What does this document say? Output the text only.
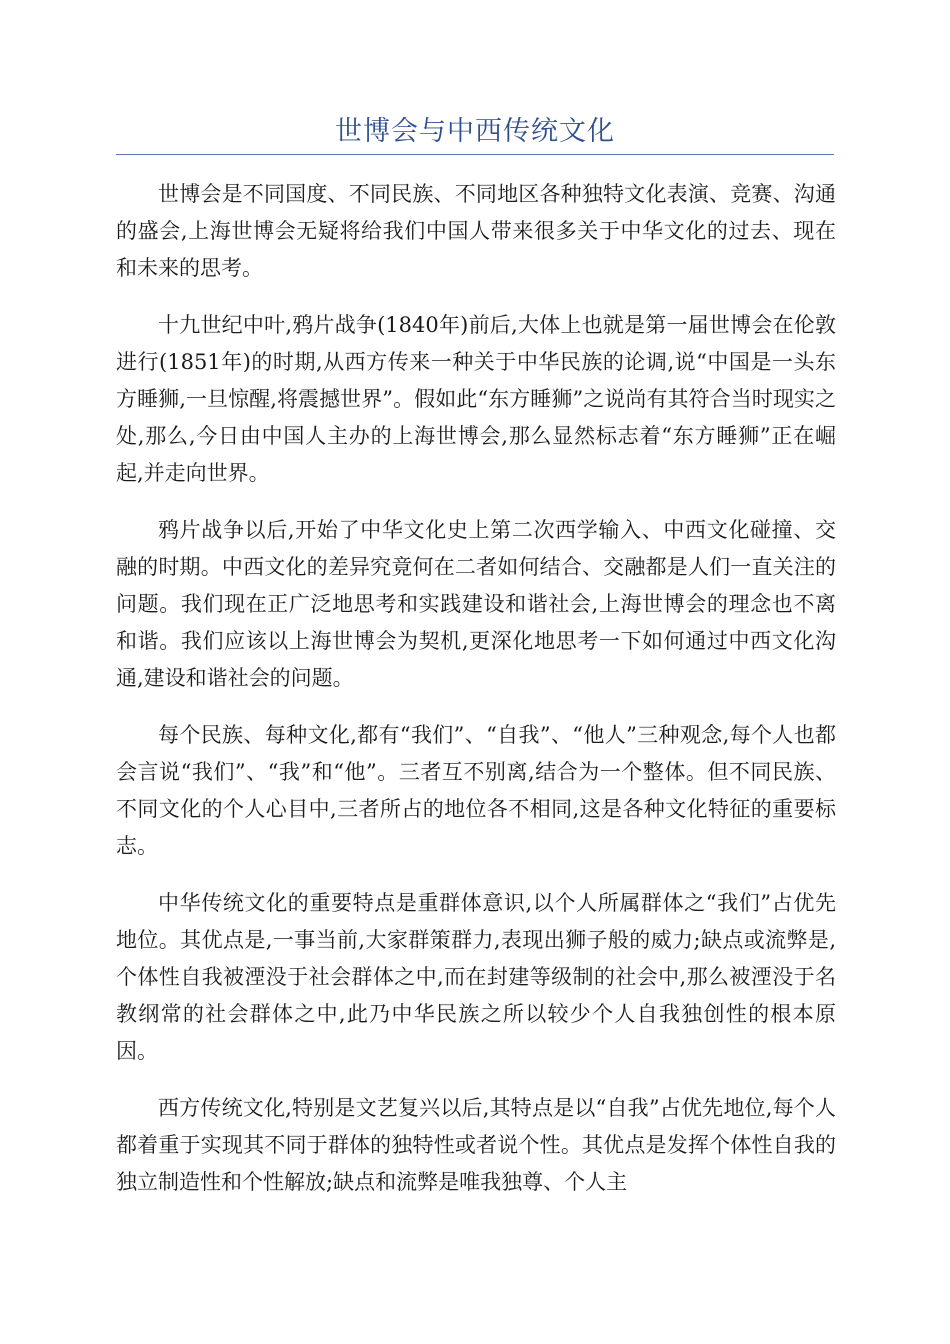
世博会与中西传统文化

世博会是不同国度、不同民族、不同地区各种独特文化表演、竞赛、沟通的盛会,上海世博会无疑将给我们中国人带来很多关于中华文化的过去、现在和未来的思考。

十九世纪中叶,鸦片战争(1840年)前后,大体上也就是第一届世博会在伦敦进行(1851年)的时期,从西方传来一种关于中华民族的论调,说“中国是一头东方睡狮,一旦惊醒,将震撼世界”。假如此“东方睡狮”之说尚有其符合当时现实之处,那么,今日由中国人主办的上海世博会,那么显然标志着“东方睡狮”正在崛起,并走向世界。

鸦片战争以后,开始了中华文化史上第二次西学输入、中西文化碰撞、交融的时期。中西文化的差异究竟何在二者如何结合、交融都是人们一直关注的问题。我们现在正广泛地思考和实践建设和谐社会,上海世博会的理念也不离和谐。我们应该以上海世博会为契机,更深化地思考一下如何通过中西文化沟通,建设和谐社会的问题。

每个民族、每种文化,都有“我们”、“自我”、“他人”三种观念,每个人也都会言说“我们”、“我”和“他”。三者互不别离,结合为一个整体。但不同民族、不同文化的个人心目中,三者所占的地位各不相同,这是各种文化特征的重要标志。

中华传统文化的重要特点是重群体意识,以个人所属群体之“我们”占优先地位。其优点是,一事当前,大家群策群力,表现出狮子般的威力;缺点或流弊是,个体性自我被湮没于社会群体之中,而在封建等级制的社会中,那么被湮没于名教纲常的社会群体之中,此乃中华民族之所以较少个人自我独创性的根本原因。

西方传统文化,特别是文艺复兴以后,其特点是以“自我”占优先地位,每个人都着重于实现其不同于群体的独特性或者说个性。其优点是发挥个体性自我的独立制造性和个性解放;缺点和流弊是唯我独尊、个人主
